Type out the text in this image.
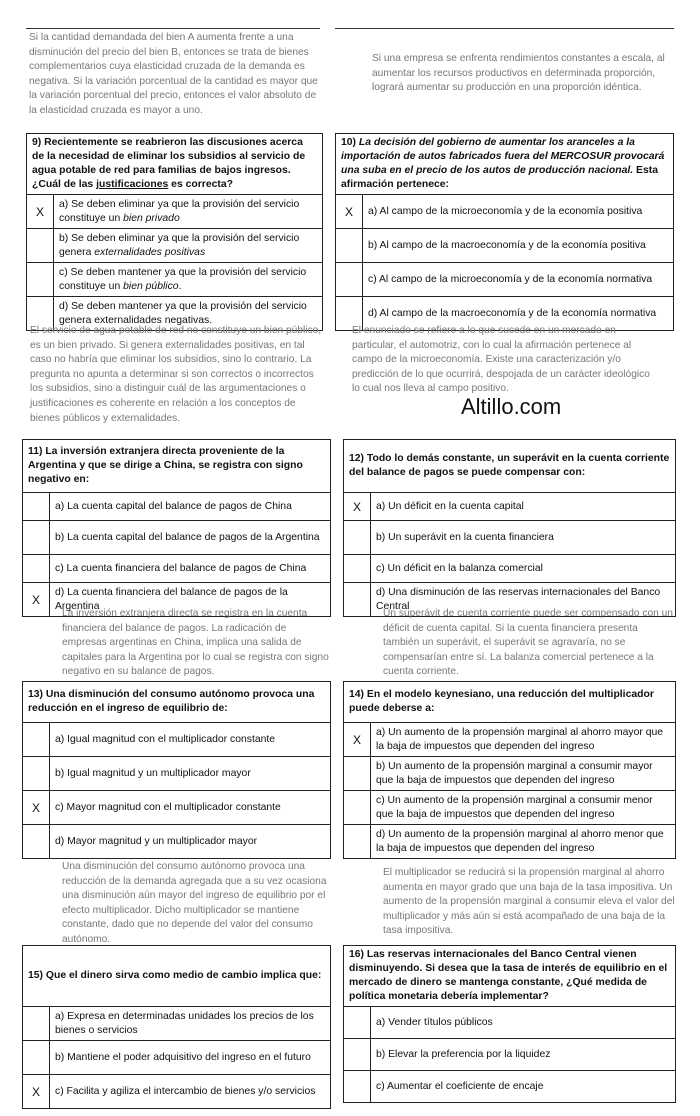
Si la cantidad demandada del bien A aumenta frente a una disminución del precio del bien B, entonces se trata de bienes complementarios cuya elasticidad cruzada de la demanda es negativa. Si la variación porcentual de la cantidad es mayor que la variación porcentual del precio, entonces el valor absoluto de la elasticidad cruzada es mayor a uno.
Si una empresa se enfrenta rendimientos constantes a escala, al aumentar los recursos productivos en determinada proporción, logrará aumentar su producción en una proporción idéntica.
9) Recientemente se reabrieron las discusiones acerca de la necesidad de eliminar los subsidios al servicio de agua potable de red para familias de bajos ingresos. ¿Cuál de las justificaciones es correcta?	
X	a) Se deben eliminar ya que la provisión del servicio constituye un bien privado
	b) Se deben eliminar ya que la provisión del servicio genera externalidades positivas
	c) Se deben mantener ya que la provisión del servicio constituye un bien público.
	d) Se deben mantener ya que la provisión del servicio genera externalidades negativas.
El servicio de agua potable de red no constituye un bien público, es un bien privado. Si genera externalidades positivas, en tal caso no habría que eliminar los subsidios, sino lo contrario. La pregunta no apunta a determinar si son correctos o incorrectos los subsidios, sino a distinguir cuál de las argumentaciones o justificaciones es coherente en relación a los conceptos de bienes públicos y externalidades.
10) La decisión del gobierno de aumentar los aranceles a la importación de autos fabricados fuera del MERCOSUR provocará una suba en el precio de los autos de producción nacional. Esta afirmación pertenece:	
X	a) Al campo de la microeconomía y de la economía positiva
	b) Al campo de la macroeconomía y de la economía positiva
	c) Al campo de la microeconomía y de la economía normativa
	d) Al campo de la macroeconomía y de la economía normativa
El enunciado se refiere a lo que sucede en un mercado en particular, el automotriz, con lo cual la afirmación pertenece al campo de la microeconomía. Existe una caracterización y/o predicción de lo que ocurrirá, despojada de un carácter ideológico lo cual nos lleva al campo positivo.
Altillo.com
11) La inversión extranjera directa proveniente de la Argentina y que se dirige a China, se registra con signo negativo en:	
	a) La cuenta capital del balance de pagos de China
	b) La cuenta capital del balance de pagos de la Argentina
	c) La cuenta financiera del balance de pagos de China
X	d) La cuenta financiera del balance de pagos de la Argentina
La inversión extranjera directa se registra en la cuenta financiera del balance de pagos. La radicación de empresas argentinas en China, implica una salida de capitales para la Argentina por lo cual se registra con signo negativo en su balance de pagos.
12) Todo lo demás constante, un superávit en la cuenta corriente del balance de pagos se puede compensar con:	
X	a) Un déficit en la cuenta capital
	b) Un superávit en la cuenta financiera
	c) Un déficit en la balanza comercial
	d) Una disminución de las reservas internacionales del Banco Central
Un superávit de cuenta corriente puede ser compensado con un déficit de cuenta capital. Si la cuenta financiera presenta también un superávit, el superávit se agravaría, no se compensarían entre sí. La balanza comercial pertenece a la cuenta corriente.
13) Una disminución del consumo autónomo provoca una reducción en el ingreso de equilibrio de:	
	a) Igual magnitud con el multiplicador constante
	b) Igual magnitud y un multiplicador mayor
X	c) Mayor magnitud con el multiplicador constante
	d) Mayor magnitud y un multiplicador mayor
Una disminución del consumo autónomo provoca una reducción de la demanda agregada que a su vez ocasiona una disminución aún mayor del ingreso de equilibrio por el efecto multiplicador. Dicho multiplicador se mantiene constante, dado que no depende del valor del consumo autónomo.
14) En el modelo keynesiano, una reducción del multiplicador puede deberse a:	
X	a) Un aumento de la propensión marginal al ahorro mayor que la baja de impuestos que dependen del ingreso
	b) Un aumento de la propensión marginal a consumir mayor que la baja de impuestos que dependen del ingreso
	c) Un aumento de la propensión marginal a consumir menor que la baja de impuestos que dependen del ingreso
	d) Un aumento de la propensión marginal al ahorro menor que la baja de impuestos que dependen del ingreso
El multiplicador se reducirá si la propensión marginal al ahorro aumenta en mayor grado que una baja de la tasa impositiva. Un aumento de la propensión marginal a consumir eleva el valor del multiplicador y más aún si está acompañado de una baja de la tasa impositiva.
15) Que el dinero sirva como medio de cambio implica que:	
	a) Expresa en determinadas unidades los precios de los bienes o servicios
	b) Mantiene el poder adquisitivo del ingreso en el futuro
X	c) Facilita y agiliza el intercambio de bienes y/o servicios
16) Las reservas internacionales del Banco Central vienen disminuyendo. Si desea que la tasa de interés de equilibrio en el mercado de dinero se mantenga constante, ¿Qué medida de política monetaria debería implementar?	
	a) Vender títulos públicos
	b) Elevar la preferencia por la liquidez
	c) Aumentar el coeficiente de encaje
